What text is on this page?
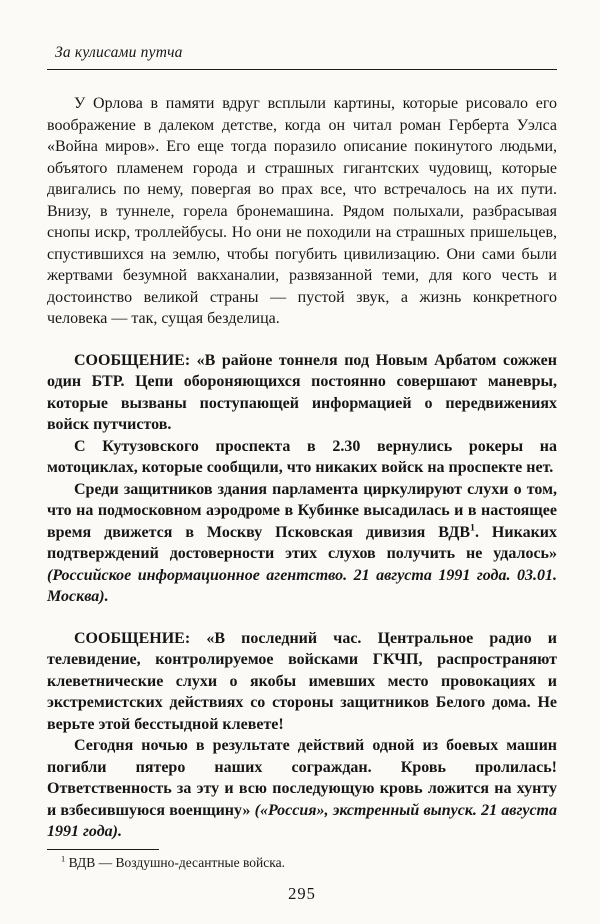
За кулисами путча

У Орлова в памяти вдруг всплыли картины, которые рисовало его воображение в далеком детстве, когда он читал роман Герберта Уэлса «Война миров». Его еще тогда поразило описание покинутого людьми, объятого пламенем города и страшных гигантских чудовищ, которые двигались по нему, повергая во прах все, что встречалось на их пути. Внизу, в туннеле, горела бронемашина. Рядом полыхали, разбрасывая снопы искр, троллейбусы. Но они не походили на страшных пришельцев, спустившихся на землю, чтобы погубить цивилизацию. Они сами были жертвами безумной вакханалии, развязанной теми, для кого честь и достоинство великой страны — пустой звук, а жизнь конкретного человека — так, сущая безделица.

СООБЩЕНИЕ: «В районе тоннеля под Новым Арбатом сожжен один БТР. Цепи обороняющихся постоянно совершают маневры, которые вызваны поступающей информацией о передвижениях войск путчистов.

С Кутузовского проспекта в 2.30 вернулись рокеры на мотоциклах, которые сообщили, что никаких войск на проспекте нет.

Среди защитников здания парламента циркулируют слухи о том, что на подмосковном аэродроме в Кубинке высадилась и в настоящее время движется в Москву Псковская дивизия ВДВ$^1$. Никаких подтверждений достоверности этих слухов получить не удалось» (Российское информационное агентство. 21 августа 1991 года. 03.01. Москва).

СООБЩЕНИЕ: «В последний час. Центральное радио и телевидение, контролируемое войсками ГКЧП, распространяют клеветнические слухи о якобы имевших место провокациях и экстремистских действиях со стороны защитников Белого дома. Не верьте этой бесстыдной клевете!

Сегодня ночью в результате действий одной из боевых машин погибли пятеро наших сограждан. Кровь пролилась! Ответственность за эту и всю последующую кровь ложится на хунту и взбесившуюся военщину» («Россия», экстренный выпуск. 21 августа 1991 года).

$^1$ ВДВ — Воздушно-десантные войска.

295
